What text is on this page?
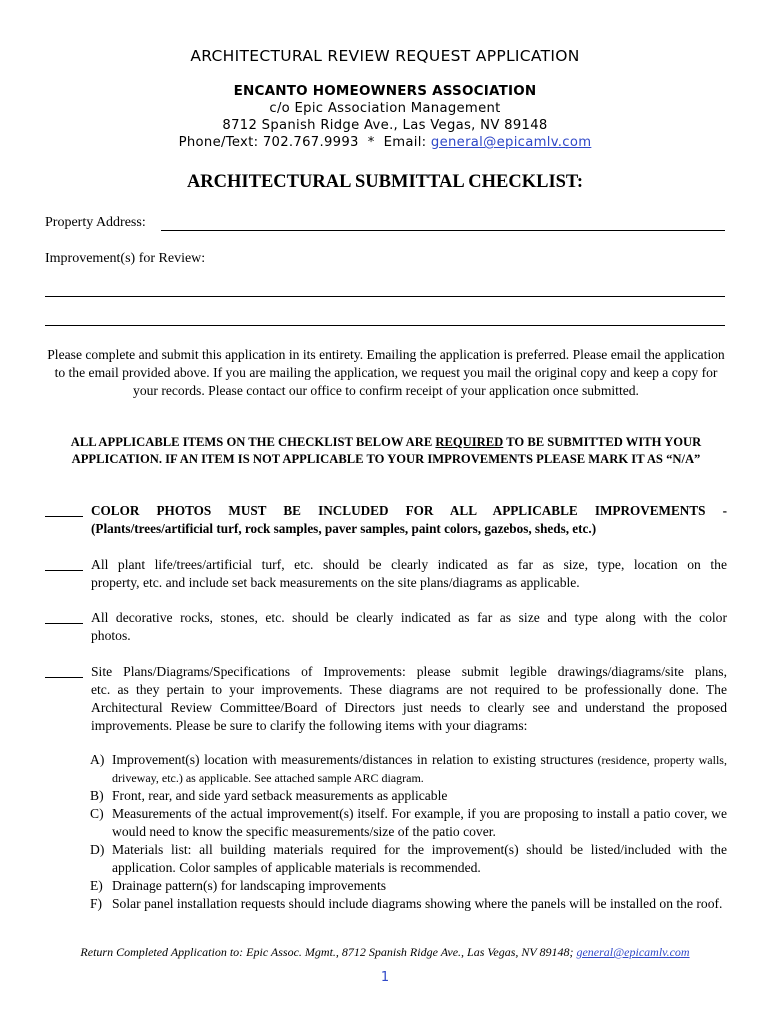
ARCHITECTURAL REVIEW REQUEST APPLICATION
ENCANTO HOMEOWNERS ASSOCIATION
c/o Epic Association Management
8712 Spanish Ridge Ave., Las Vegas, NV 89148
Phone/Text: 702.767.9993  *  Email: general@epicamlv.com
ARCHITECTURAL SUBMITTAL CHECKLIST:
Property Address:
Improvement(s) for Review:
Please complete and submit this application in its entirety. Emailing the application is preferred. Please email the application to the email provided above. If you are mailing the application, we request you mail the original copy and keep a copy for your records. Please contact our office to confirm receipt of your application once submitted.
ALL APPLICABLE ITEMS ON THE CHECKLIST BELOW ARE REQUIRED TO BE SUBMITTED WITH YOUR APPLICATION. IF AN ITEM IS NOT APPLICABLE TO YOUR IMPROVEMENTS PLEASE MARK IT AS “N/A”
COLOR PHOTOS MUST BE INCLUDED FOR ALL APPLICABLE IMPROVEMENTS -
(Plants/trees/artificial turf, rock samples, paver samples, paint colors, gazebos, sheds, etc.)
All plant life/trees/artificial turf, etc. should be clearly indicated as far as size, type, location on the
property, etc. and include set back measurements on the site plans/diagrams as applicable.
All decorative rocks, stones, etc. should be clearly indicated as far as size and type along with the color
photos.
Site Plans/Diagrams/Specifications of Improvements: please submit legible drawings/diagrams/site plans,
etc. as they pertain to your improvements. These diagrams are not required to be professionally done. The Architectural Review Committee/Board of Directors just needs to clearly see and understand the proposed improvements. Please be sure to clarify the following items with your diagrams:
A) Improvement(s) location with measurements/distances in relation to existing structures (residence, property walls, driveway, etc.) as applicable. See attached sample ARC diagram.
B) Front, rear, and side yard setback measurements as applicable
C) Measurements of the actual improvement(s) itself. For example, if you are proposing to install a patio cover, we would need to know the specific measurements/size of the patio cover.
D) Materials list: all building materials required for the improvement(s) should be listed/included with the application. Color samples of applicable materials is recommended.
E) Drainage pattern(s) for landscaping improvements
F) Solar panel installation requests should include diagrams showing where the panels will be installed on the roof.
Return Completed Application to: Epic Assoc. Mgmt., 8712 Spanish Ridge Ave., Las Vegas, NV 89148; general@epicamlv.com
1
